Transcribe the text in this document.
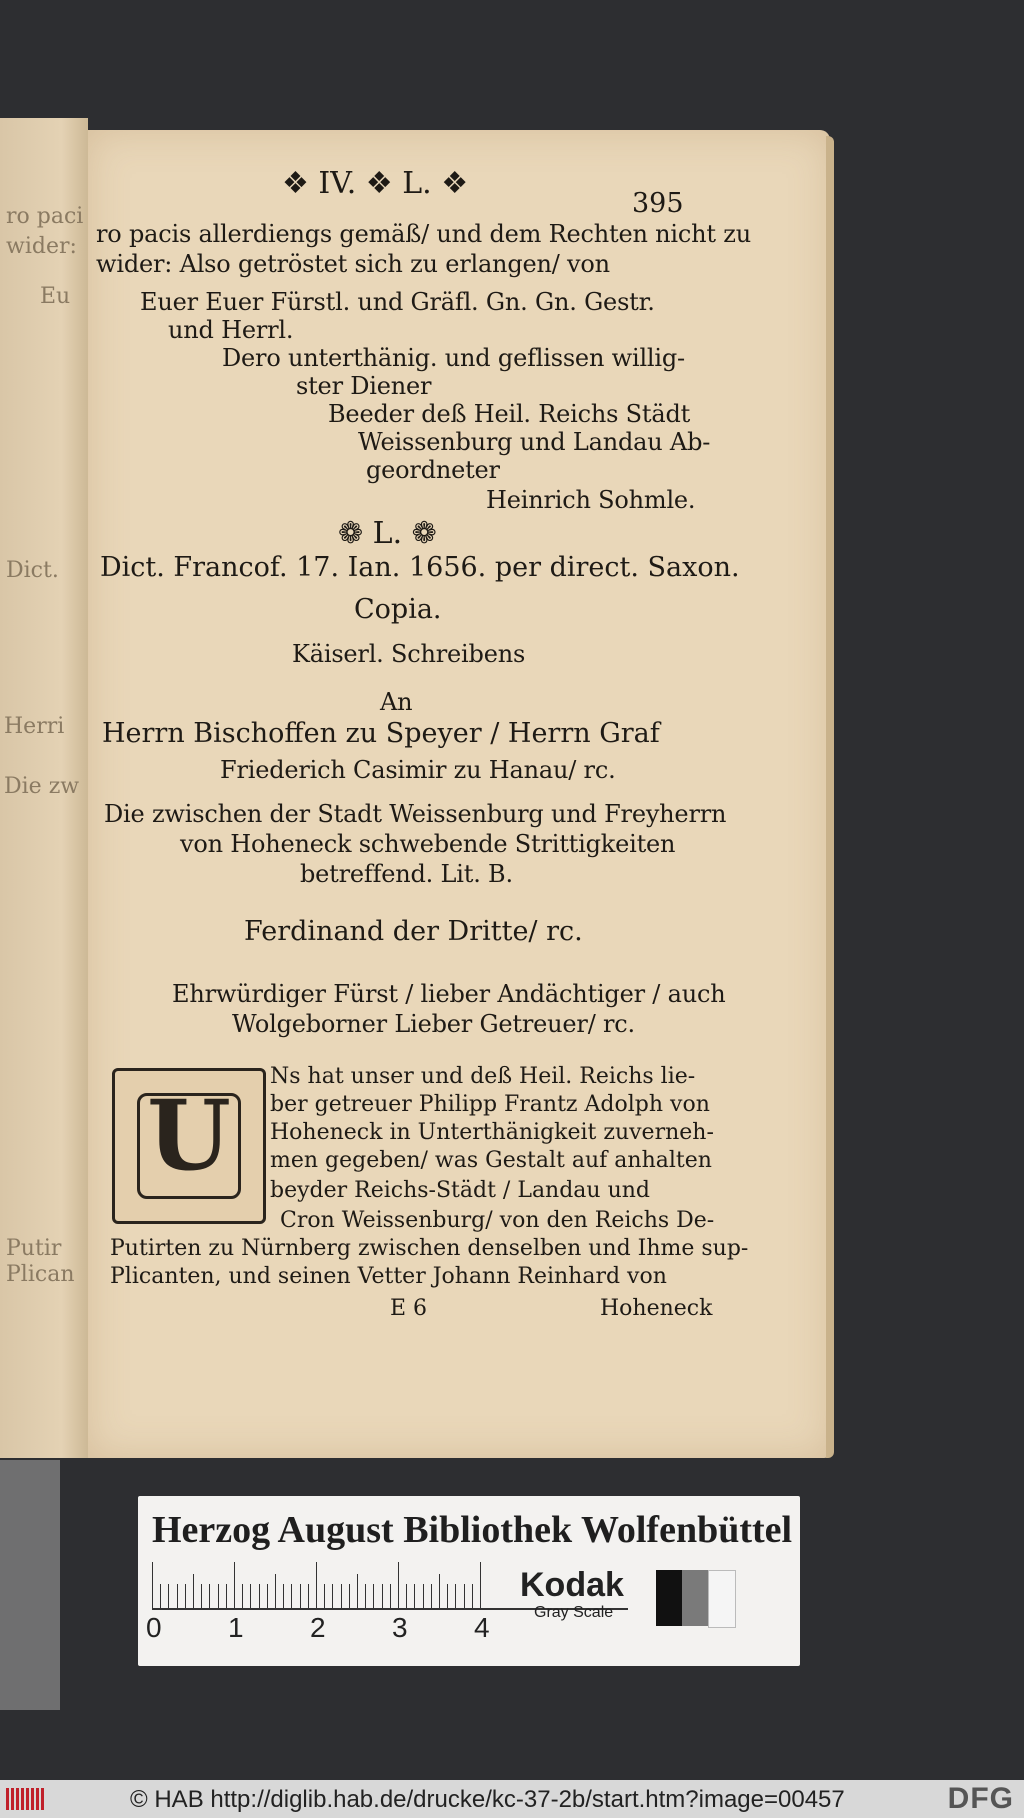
ro paci
wider:
Eu
Dict.
Herri
Die zw
Putir
Plican
❖ IV. ❖ L. ❖
395
ro pacis allerdiengs gemäß/ und dem Rechten nicht zu
wider: Also getröstet sich zu erlangen/ von
Euer Euer Fürstl. und Gräfl. Gn. Gn. Gestr.
und Herrl.
Dero unterthänig. und geflissen willig-
ster Diener
Beeder deß Heil. Reichs Städt
Weissenburg und Landau Ab-
geordneter
Heinrich Sohmle.
❁ L. ❁
Dict. Francof. 17. Ian. 1656. per direct. Saxon.
Copia.
Käiserl. Schreibens
An
Herrn Bischoffen zu Speyer / Herrn Graf
Friederich Casimir zu Hanau/ rc.
Die zwischen der Stadt Weissenburg und Freyherrn
von Hoheneck schwebende Strittigkeiten
betreffend. Lit. B.
Ferdinand der Dritte/ rc.
Ehrwürdiger Fürst / lieber Andächtiger / auch
Wolgeborner Lieber Getreuer/ rc.
U
Ns hat unser und deß Heil. Reichs lie-
ber getreuer Philipp Frantz Adolph von
Hoheneck in Unterthänigkeit zuverneh-
men gegeben/ was Gestalt auf anhalten
beyder Reichs-Städt / Landau und
Cron Weissenburg/ von den Reichs De-
Putirten zu Nürnberg zwischen denselben und Ihme sup-
Plicanten, und seinen Vetter Johann Reinhard von
E 6	Hoheneck
Herzog August Bibliothek Wolfenbüttel
0 1 2 3 4
Kodak
Gray Scale
© HAB http://diglib.hab.de/drucke/kc-37-2b/start.htm?image=00457	DFG
